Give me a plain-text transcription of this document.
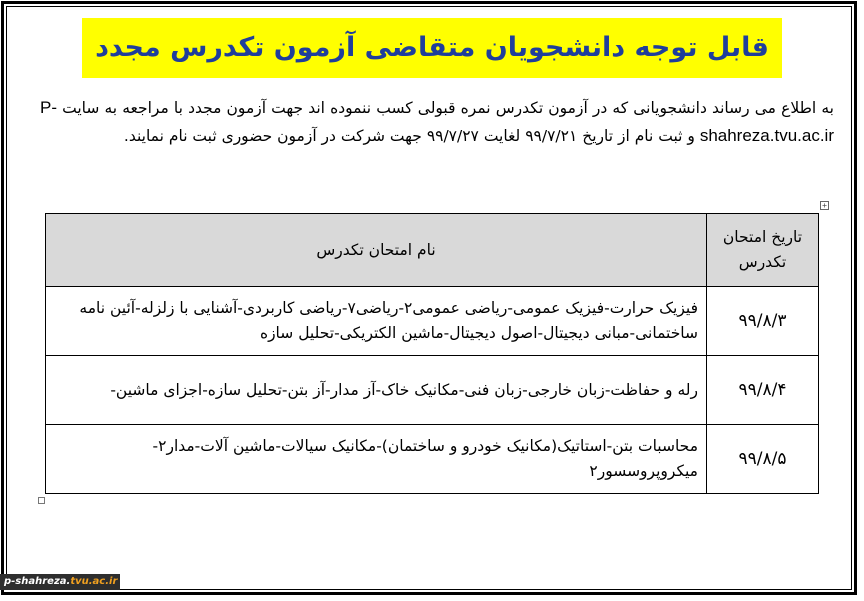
قابل توجه دانشجویان متقاضی آزمون تکدرس مجدد
به اطلاع می رساند دانشجویانی که در آزمون تکدرس نمره قبولی کسب ننموده اند جهت آزمون مجدد با مراجعه به سایت P-shahreza.tvu.ac.ir و ثبت نام از تاریخ ۹۹/۷/۲۱ لغایت ۹۹/۷/۲۷ جهت شرکت در آزمون حضوری ثبت نام نمایند.
+
تاریخ امتحان تکدرس	نام امتحان تکدرس
۹۹/۸/۳	فیزیک حرارت-فیزیک عمومی-ریاضی عمومی۲-ریاضی۷-ریاضی کاربردی-آشنایی با زلزله-آئین نامه ساختمانی-مبانی دیجیتال-اصول دیجیتال-ماشین الکتریکی-تحلیل سازه
۹۹/۸/۴	رله و حفاظت-زبان خارجی-زبان فنی-مکانیک خاک-آز مدار-آز بتن-تحلیل سازه-اجزای ماشین-
۹۹/۸/۵	محاسبات بتن-استاتیک(مکانیک خودرو و ساختمان)-مکانیک سیالات-ماشین آلات-مدار۲-میکروپروسسور۲
p-shahreza.tvu.ac.ir
